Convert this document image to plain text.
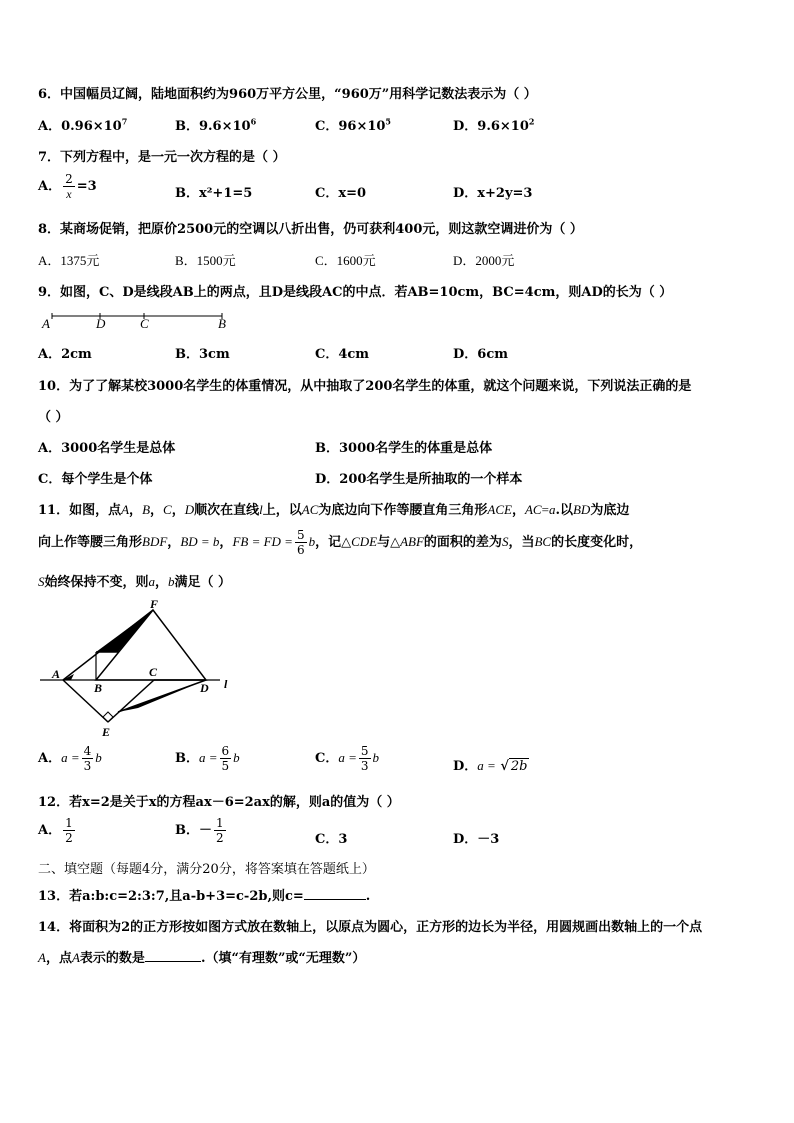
6．中国幅员辽阔，陆地面积约为960万平方公里，“960万”用科学记数法表示为（ ）
A．$0.96\times 10^7$	B．$9.6\times 10^6$	C．$96\times 10^5$	D．$9.6\times 10^2$
7．下列方程中，是一元一次方程的是（ ）
A． $\frac{2}{x} =3$	B．x²+1=5	C．x=0	D．x+2y=3
8．某商场促销，把原价2500元的空调以八折出售，仍可获利400元，则这款空调进价为（ ）
A．1375元	B．1500元	C．1600元	D．2000元
9．如图，C、D是线段AB上的两点，且D是线段AC的中点．若AB=10cm，BC=4cm，则AD的长为（ ）
A	D	C	B
A．2cm	B．3cm	C．4cm	D．6cm
10．为了了解某校3000名学生的体重情况，从中抽取了200名学生的体重，就这个问题来说，下列说法正确的是
（ ）
A．3000名学生是总体	B．3000名学生的体重是总体
C．每个学生是个体	D．200名学生是所抽取的一个样本
11．如图，点A，B，C，D顺次在直线l上，以AC为底边向下作等腰直角三角形ACE，AC=a.以BD为底边
向上作等腰三角形BDF，BD = b，FB = FD = $\frac{5}{6}$ b，记△CDE与△ABF的面积的差为S，当BC的长度变化时，
S始终保持不变，则a，b满足（ ）
F
A
B
C
D l
E
A．$a = \frac{4}{3}$ b	B．$a = \frac{6}{5}$ b	C．$a = \frac{5}{3}$ b
D．a = √ 2b
12．若x=2是关于x的方程ax－6=2ax的解，则a的值为（ ）
A． $\frac{1}{2}$	B．－ $\frac{1}{2}$	C．3	D．－3
二、填空题（每题4分，满分20分，将答案填在答题纸上）
13．若a:b:c=2:3:7,且a-b+3=c-2b,则c=	.
14．将面积为2的正方形按如图方式放在数轴上，以原点为圆心，正方形的边长为半径，用圆规画出数轴上的一个点
A，点A表示的数是	.（填“有理数”或“无理数”）
